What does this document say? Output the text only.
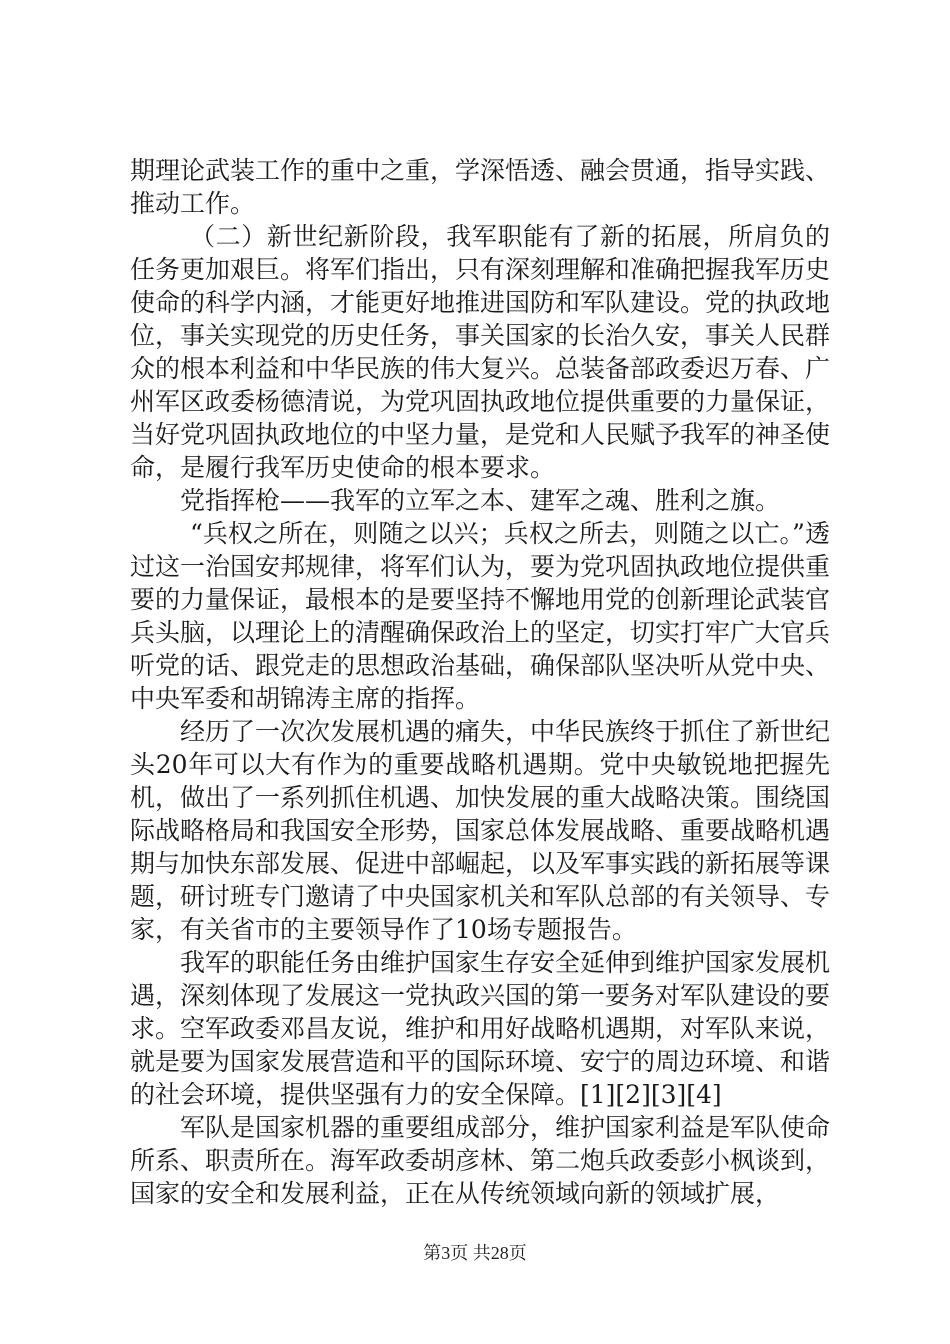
期理论武装工作的重中之重，学深悟透、融会贯通，指导实践、推动工作。

（二）新世纪新阶段，我军职能有了新的拓展，所肩负的任务更加艰巨。将军们指出，只有深刻理解和准确把握我军历史使命的科学内涵，才能更好地推进国防和军队建设。党的执政地位，事关实现党的历史任务，事关国家的长治久安，事关人民群众的根本利益和中华民族的伟大复兴。总装备部政委迟万春、广州军区政委杨德清说，为党巩固执政地位提供重要的力量保证，当好党巩固执政地位的中坚力量，是党和人民赋予我军的神圣使命，是履行我军历史使命的根本要求。

党指挥枪——我军的立军之本、建军之魂、胜利之旗。

“兵权之所在，则随之以兴；兵权之所去，则随之以亡。”透过这一治国安邦规律，将军们认为，要为党巩固执政地位提供重要的力量保证，最根本的是要坚持不懈地用党的创新理论武装官兵头脑，以理论上的清醒确保政治上的坚定，切实打牢广大官兵听党的话、跟党走的思想政治基础，确保部队坚决听从党中央、中央军委和胡锦涛主席的指挥。

经历了一次次发展机遇的痛失，中华民族终于抓住了新世纪头20年可以大有作为的重要战略机遇期。党中央敏锐地把握先机，做出了一系列抓住机遇、加快发展的重大战略决策。围绕国际战略格局和我国安全形势，国家总体发展战略、重要战略机遇期与加快东部发展、促进中部崛起，以及军事实践的新拓展等课题，研讨班专门邀请了中央国家机关和军队总部的有关领导、专家，有关省市的主要领导作了10场专题报告。

我军的职能任务由维护国家生存安全延伸到维护国家发展机遇，深刻体现了发展这一党执政兴国的第一要务对军队建设的要求。空军政委邓昌友说，维护和用好战略机遇期，对军队来说，就是要为国家发展营造和平的国际环境、安宁的周边环境、和谐的社会环境，提供坚强有力的安全保障。[1][2][3][4]

军队是国家机器的重要组成部分，维护国家利益是军队使命所系、职责所在。海军政委胡彦林、第二炮兵政委彭小枫谈到，国家的安全和发展利益，正在从传统领域向新的领域扩展，

第3页 共28页
